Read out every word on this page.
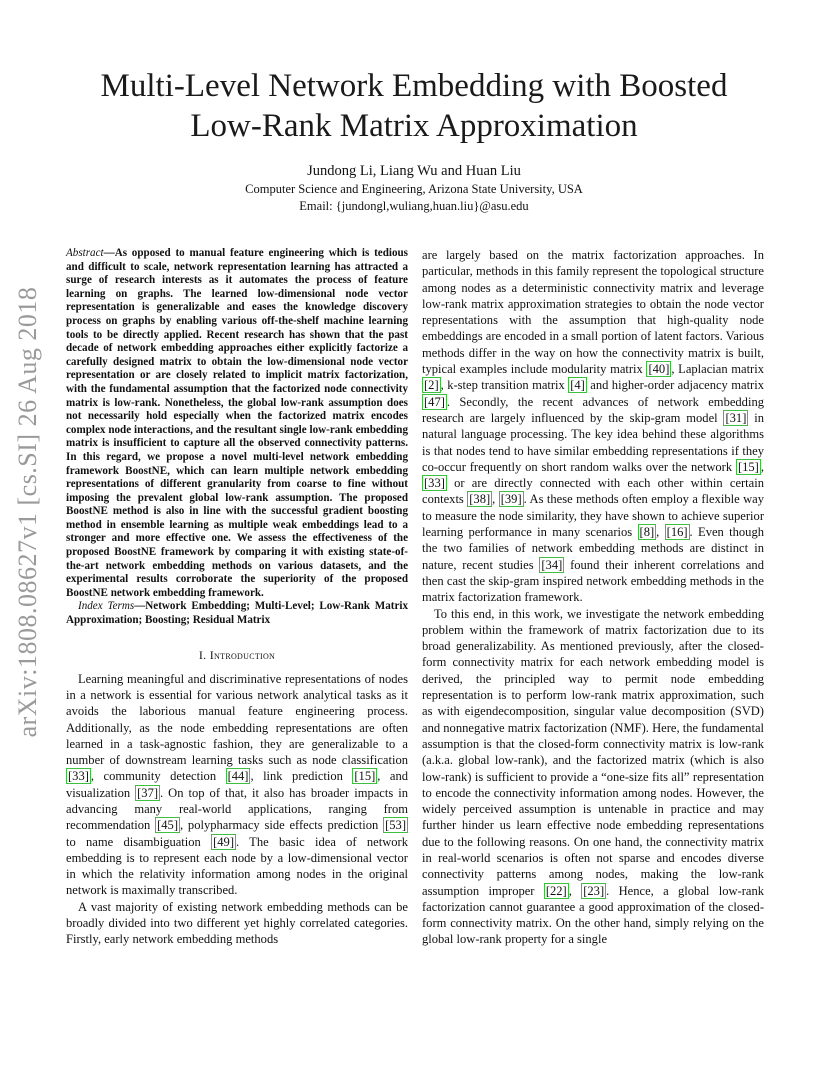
arXiv:1808.08627v1 [cs.SI] 26 Aug 2018
Multi-Level Network Embedding with Boosted
Low-Rank Matrix Approximation
Jundong Li, Liang Wu and Huan Liu
Computer Science and Engineering, Arizona State University, USA
Email: {jundongl,wuliang,huan.liu}@asu.edu

Abstract—As opposed to manual feature engineering which is tedious and difficult to scale, network representation learning has attracted a surge of research interests as it automates the process of feature learning on graphs. The learned low-dimensional node vector representation is generalizable and eases the knowledge discovery process on graphs by enabling various off-the-shelf machine learning tools to be directly applied. Recent research has shown that the past decade of network embedding approaches either explicitly factorize a carefully designed matrix to obtain the low-dimensional node vector representation or are closely related to implicit matrix factorization, with the fundamental assumption that the factorized node connectivity matrix is low-rank. Nonetheless, the global low-rank assumption does not necessarily hold especially when the factorized matrix encodes complex node interactions, and the resultant single low-rank embedding matrix is insufficient to capture all the observed connectivity patterns. In this regard, we propose a novel multi-level network embedding framework BoostNE, which can learn multiple network embedding representations of different granularity from coarse to fine without imposing the prevalent global low-rank assumption. The proposed BoostNE method is also in line with the successful gradient boosting method in ensemble learning as multiple weak embeddings lead to a stronger and more effective one. We assess the effectiveness of the proposed BoostNE framework by comparing it with existing state-of-the-art network embedding methods on various datasets, and the experimental results corroborate the superiority of the proposed BoostNE network embedding framework.

Index Terms—Network Embedding; Multi-Level; Low-Rank Matrix Approximation; Boosting; Residual Matrix

I. Introduction

Learning meaningful and discriminative representations of nodes in a network is essential for various network analytical tasks as it avoids the laborious manual feature engineering process. Additionally, as the node embedding representations are often learned in a task-agnostic fashion, they are generalizable to a number of downstream learning tasks such as node classification [33] , community detection [44] , link prediction [15] , and visualization [37] . On top of that, it also has broader impacts in advancing many real-world applications, ranging from recommendation [45] , polypharmacy side effects prediction [53] to name disambiguation [49] . The basic idea of network embedding is to represent each node by a low-dimensional vector in which the relativity information among nodes in the original network is maximally transcribed.

A vast majority of existing network embedding methods can be broadly divided into two different yet highly correlated categories. Firstly, early network embedding methods

are largely based on the matrix factorization approaches. In particular, methods in this family represent the topological structure among nodes as a deterministic connectivity matrix and leverage low-rank matrix approximation strategies to obtain the node vector representations with the assumption that high-quality node embeddings are encoded in a small portion of latent factors. Various methods differ in the way on how the connectivity matrix is built, typical examples include modularity matrix [40] , Laplacian matrix [2] , k-step transition matrix [4] and higher-order adjacency matrix [47] . Secondly, the recent advances of network embedding research are largely influenced by the skip-gram model [31] in natural language processing. The key idea behind these algorithms is that nodes tend to have similar embedding representations if they co-occur frequently on short random walks over the network [15] , [33] or are directly connected with each other within certain contexts [38] , [39] . As these methods often employ a flexible way to measure the node similarity, they have shown to achieve superior learning performance in many scenarios [8] , [16] . Even though the two families of network embedding methods are distinct in nature, recent studies [34] found their inherent correlations and then cast the skip-gram inspired network embedding methods in the matrix factorization framework.

To this end, in this work, we investigate the network embedding problem within the framework of matrix factorization due to its broad generalizability. As mentioned previously, after the closed-form connectivity matrix for each network embedding model is derived, the principled way to permit node embedding representation is to perform low-rank matrix approximation, such as with eigendecomposition, singular value decomposition (SVD) and nonnegative matrix factorization (NMF). Here, the fundamental assumption is that the closed-form connectivity matrix is low-rank (a.k.a. global low-rank), and the factorized matrix (which is also low-rank) is sufficient to provide a “one-size fits all” representation to encode the connectivity information among nodes. However, the widely perceived assumption is untenable in practice and may further hinder us learn effective node embedding representations due to the following reasons. On one hand, the connectivity matrix in real-world scenarios is often not sparse and encodes diverse connectivity patterns among nodes, making the low-rank assumption improper [22] , [23] . Hence, a global low-rank factorization cannot guarantee a good approximation of the closed-form connectivity matrix. On the other hand, simply relying on the global low-rank property for a single
